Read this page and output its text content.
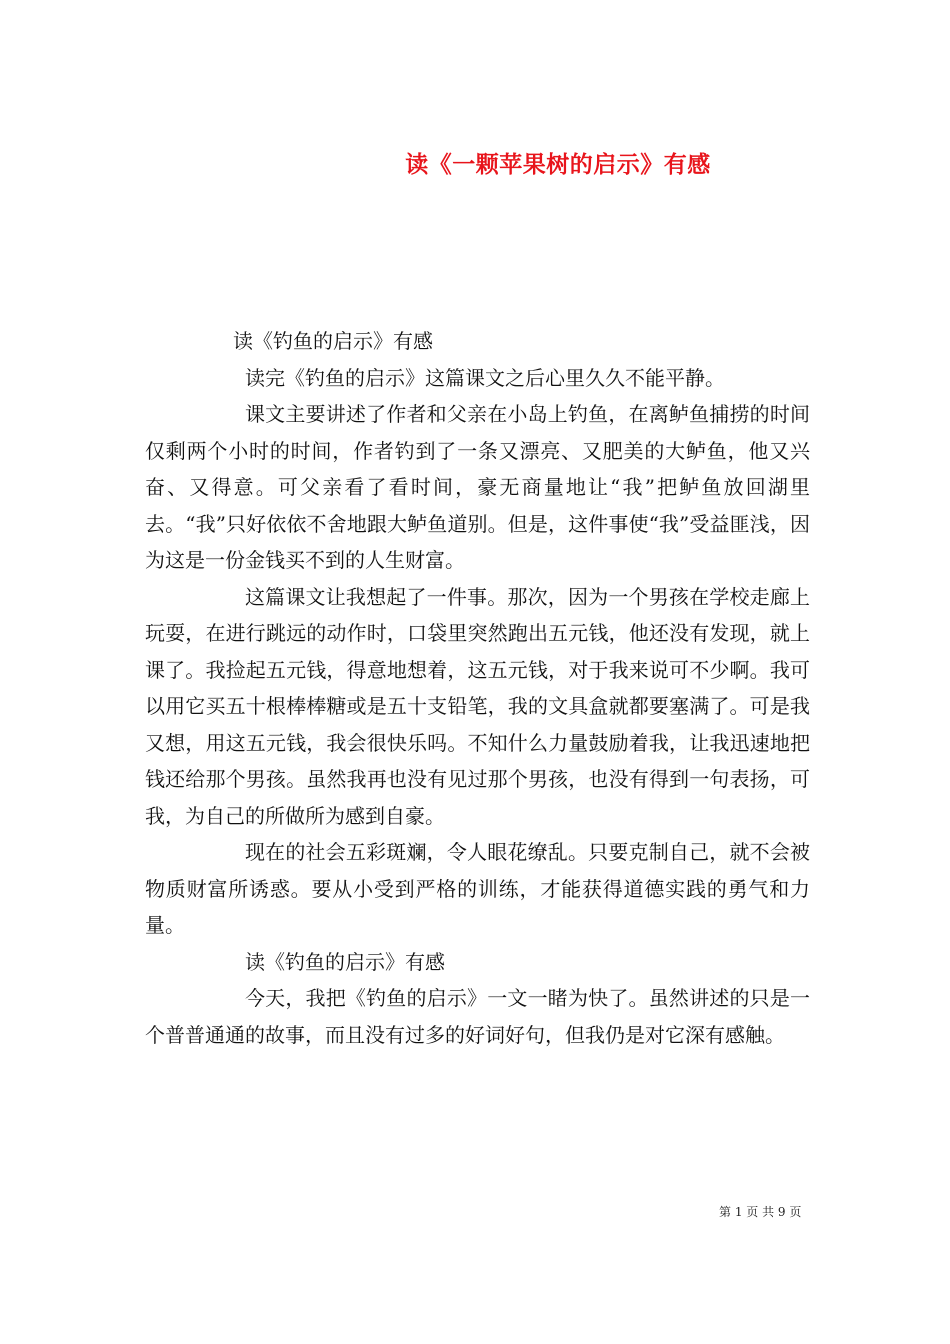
读《一颗苹果树的启示》有感

读《钓鱼的启示》有感

读完《钓鱼的启示》这篇课文之后心里久久不能平静。

课文主要讲述了作者和父亲在小岛上钓鱼，在离鲈鱼捕捞的时间仅剩两个小时的时间，作者钓到了一条又漂亮、又肥美的大鲈鱼，他又兴奋、又得意。可父亲看了看时间，豪无商量地让“我”把鲈鱼放回湖里去。“我”只好依依不舍地跟大鲈鱼道别。但是，这件事使“我”受益匪浅，因为这是一份金钱买不到的人生财富。

这篇课文让我想起了一件事。那次，因为一个男孩在学校走廊上玩耍，在进行跳远的动作时，口袋里突然跑出五元钱，他还没有发现，就上课了。我捡起五元钱，得意地想着，这五元钱，对于我来说可不少啊。我可以用它买五十根棒棒糖或是五十支铅笔，我的文具盒就都要塞满了。可是我又想，用这五元钱，我会很快乐吗。不知什么力量鼓励着我，让我迅速地把钱还给那个男孩。虽然我再也没有见过那个男孩，也没有得到一句表扬，可我，为自己的所做所为感到自豪。

现在的社会五彩斑斓，令人眼花缭乱。只要克制自己，就不会被物质财富所诱惑。要从小受到严格的训练，才能获得道德实践的勇气和力量。

读《钓鱼的启示》有感

今天，我把《钓鱼的启示》一文一睹为快了。虽然讲述的只是一个普普通通的故事，而且没有过多的好词好句，但我仍是对它深有感触。

第 1 页 共 9 页
